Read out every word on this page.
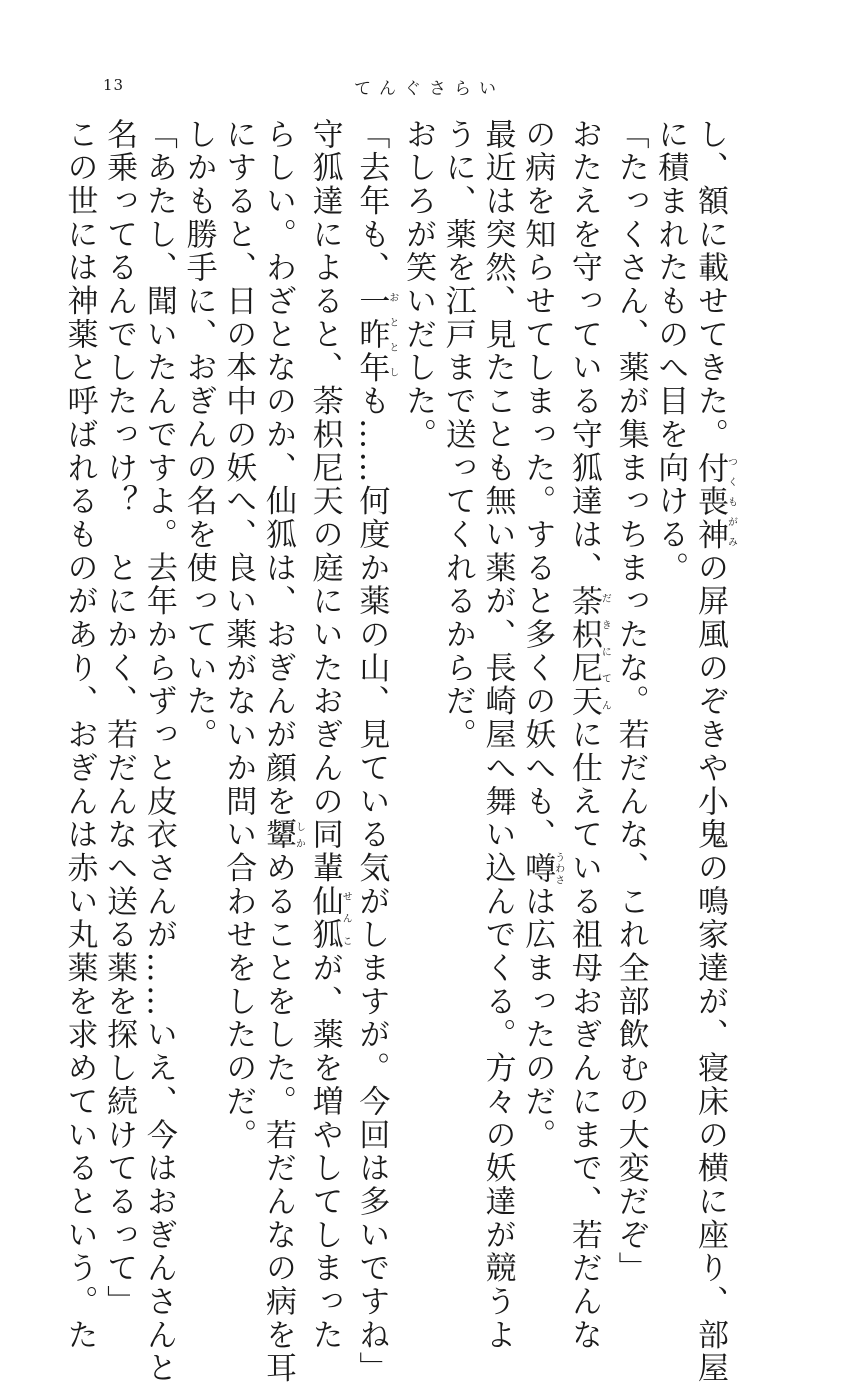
13	てんぐさらい
し、額に載せてきた。付喪神つくもがみの屏風のぞきや小鬼の鳴家達が、寝床の横に座り、部屋
に積まれたものへ目を向ける。
「たっくさん、薬が集まっちまったな。若だんな、これ全部飲むの大変だぞ」
おたえを守っている守狐達は、荼枳尼天だきにてんに仕えている祖母おぎんにまで、若だんな
の病を知らせてしまった。すると多くの妖へも、噂うわさは広まったのだ。
最近は突然、見たことも無い薬が、長崎屋へ舞い込んでくる。方々の妖達が競うよ
うに、薬を江戸まで送ってくれるからだ。
おしろが笑いだした。
「去年も、一昨年おととしも……何度か薬の山、見ている気がしますが。今回は多いですね」
守狐達によると、荼枳尼天の庭にいたおぎんの同輩仙狐せんこが、薬を増やしてしまった
らしい。わざとなのか、仙狐は、おぎんが顔を顰しかめることをした。若だんなの病を耳
にすると、日の本中の妖へ、良い薬がないか問い合わせをしたのだ。
しかも勝手に、おぎんの名を使っていた。
「あたし、聞いたんですよ。去年からずっと皮衣さんが……いえ、今はおぎんさんと
名乗ってるんでしたっけ？　とにかく、若だんなへ送る薬を探し続けてるって」
この世には神薬と呼ばれるものがあり、おぎんは赤い丸薬を求めているという。た
